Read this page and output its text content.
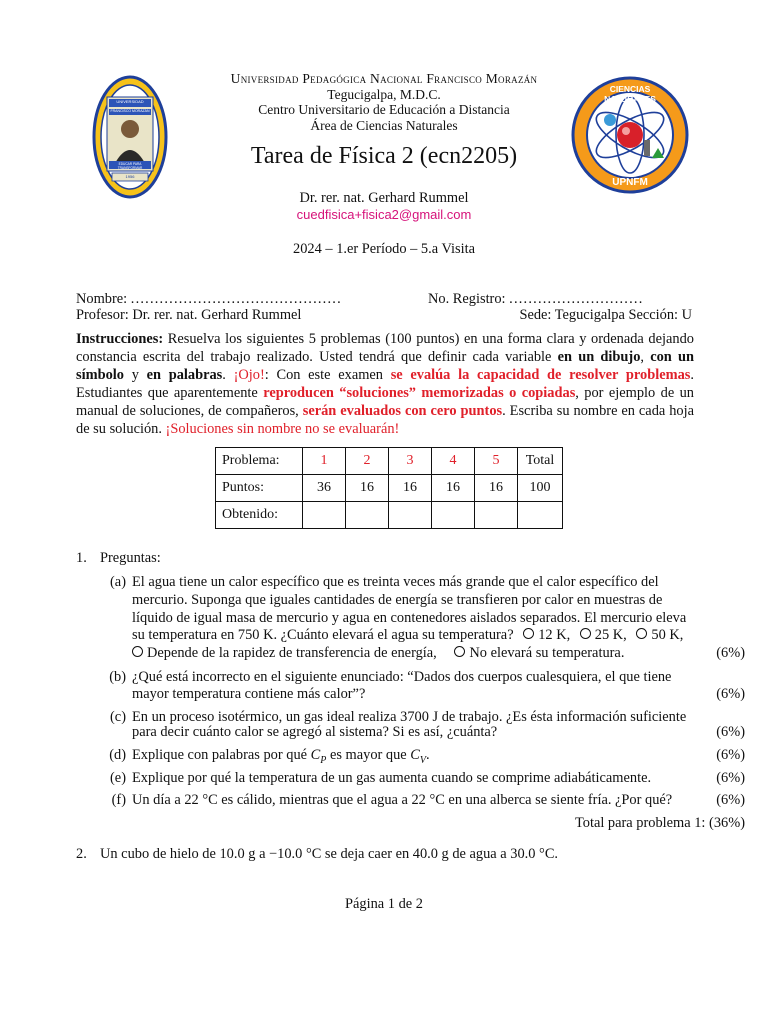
UNIVERSIDAD
FRANCISCO MORAZÁN
EDUCAR PARA TRANSFORMAR
1956
CIENCIAS NATURALES
UPNFM
Universidad Pedagógica Nacional Francisco Morazán
Tegucigalpa, M.D.C.
Centro Universitario de Educación a Distancia
Área de Ciencias Naturales
Tarea de Física 2 (ecn2205)
Dr. rer. nat. Gerhard Rummel
cuedfisica+fisica2@gmail.com
2024 – 1.er Período – 5.a Visita
Nombre: ............................................	No. Registro: ............................
Profesor: Dr. rer. nat. Gerhard Rummel	Sede: Tegucigalpa Sección: U
Instrucciones: Resuelva los siguientes 5 problemas (100 puntos) en una forma clara y ordenada dejando constancia escrita del trabajo realizado. Usted tendrá que definir cada variable en un dibujo, con un símbolo y en palabras. ¡Ojo!: Con este examen se evalúa la capacidad de resolver problemas. Estudiantes que aparentemente reproducen “soluciones” memorizadas o copiadas, por ejemplo de un manual de soluciones, de compañeros, serán evaluados con cero puntos. Escriba su nombre en cada hoja de su solución. ¡Soluciones sin nombre no se evaluarán!
Problema:	1	2	3	4	5	Total
Puntos:	36	16	16	16	16	100
Obtenido:						
1. Preguntas:
(a) El agua tiene un calor específico que es treinta veces más grande que el calor específico del
mercurio. Suponga que iguales cantidades de energía se transfieren por calor en muestras de
líquido de igual masa de mercurio y agua en contenedores aislados separados. El mercurio eleva
su temperatura en 750 K. ¿Cuánto elevará el agua su temperatura? 12 K, 25 K, 50 K,
Depende de la rapidez de transferencia de energía, No elevará su temperatura.	(6%)
(b) ¿Qué está incorrecto en el siguiente enunciado: “Dados dos cuerpos cualesquiera, el que tiene
mayor temperatura contiene más calor”?	(6%)
(c) En un proceso isotérmico, un gas ideal realiza 3700 J de trabajo. ¿Es ésta información suficiente
para decir cuánto calor se agregó al sistema? Si es así, ¿cuánta?	(6%)
(d) Explique con palabras por qué $C_P$ es mayor que $C_V$.	(6%)
(e) Explique por qué la temperatura de un gas aumenta cuando se comprime adiabáticamente.	(6%)
(f) Un día a 22 °C es cálido, mientras que el agua a 22 °C en una alberca se siente fría. ¿Por qué?	(6%)
Total para problema 1: (36%)
2. Un cubo de hielo de 10.0 g a −10.0 °C se deja caer en 40.0 g de agua a 30.0 °C.
Página 1 de 2
